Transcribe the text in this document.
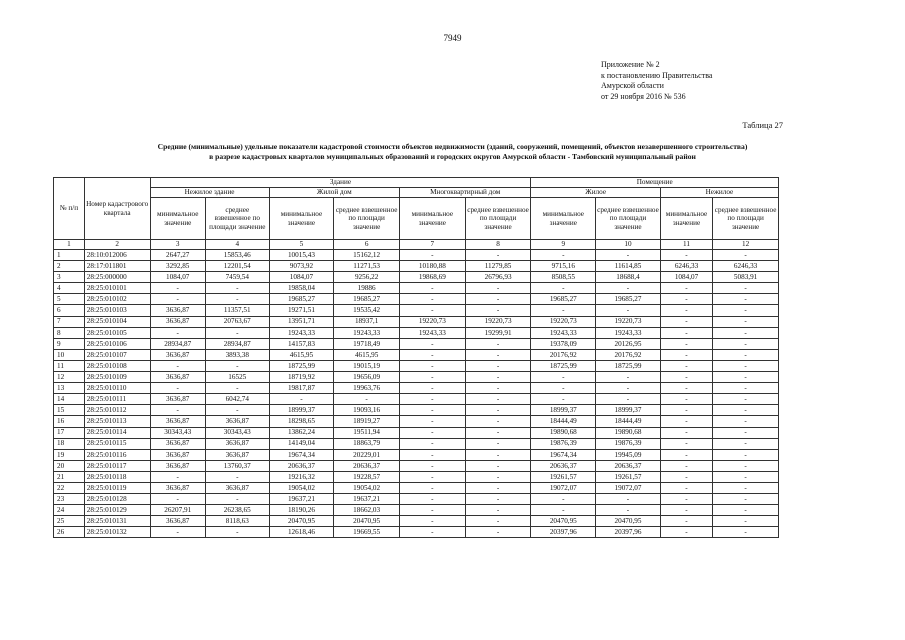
7949
Приложение № 2
к постановлению Правительства
Амурской области
от 29 ноября 2016 № 536
Таблица 27
Средние (минимальные) удельные показатели кадастровой стоимости объектов недвижимости (зданий, сооружений, помещений, объектов незавершенного строительства)
в разрезе кадастровых кварталов муниципальных образований и городских округов Амурской области - Тамбовский муниципальный район
№ п/п	Номер кадастрового квартала	Здание						Помещение			
		Нежилое здание		Жилой дом		Многоквартирный дом		Жилое		Нежилое	
		минимальное значение	среднее взвешенное по площади значение	минимальное значение	среднее взвешенное по площади значение	минимальное значение	среднее взвешенное по площади значение	минимальное значение	среднее взвешенное по площади значение	минимальное значение	среднее взвешенное по площади значение
1	2	3	4	5	6	7	8	9	10	11	12
1	28:10:012006	2647,27	15853,46	10015,43	15162,12	-	-	-	-	-	-
2	28:17:011801	3292,85	12201,54	9073,92	11271,53	10180,88	11279,85	9715,16	11614,85	6246,33	6246,33
3	28:25:000000	1084,07	7459,54	1084,07	9256,22	19868,69	26796,93	8508,55	18688,4	1084,07	5083,91
4	28:25:010101	-	-	19858,04	19886	-	-	-	-	-	-
5	28:25:010102	-	-	19685,27	19685,27	-	-	19685,27	19685,27	-	-
6	28:25:010103	3636,87	11357,51	19271,51	19535,42	-	-	-	-	-	-
7	28:25:010104	3636,87	20763,67	13951,71	18937,1	19220,73	19220,73	19220,73	19220,73	-	-
8	28:25:010105	-	-	19243,33	19243,33	19243,33	19299,91	19243,33	19243,33	-	-
9	28:25:010106	28934,87	28934,87	14157,83	19718,49	-	-	19378,09	20126,95	-	-
10	28:25:010107	3636,87	3893,38	4615,95	4615,95	-	-	20176,92	20176,92	-	-
11	28:25:010108	-	-	18725,99	19015,19	-	-	18725,99	18725,99	-	-
12	28:25:010109	3636,87	16525	18719,92	19656,09	-	-	-	-	-	-
13	28:25:010110	-	-	19817,87	19963,76	-	-	-	-	-	-
14	28:25:010111	3636,87	6042,74	-	-	-	-	-	-	-	-
15	28:25:010112	-	-	18999,37	19093,16	-	-	18999,37	18999,37	-	-
16	28:25:010113	3636,87	3636,87	18298,65	18919,27	-	-	18444,49	18444,49	-	-
17	28:25:010114	30343,43	30343,43	13862,24	19511,94	-	-	19890,68	19890,68	-	-
18	28:25:010115	3636,87	3636,87	14149,04	18863,79	-	-	19876,39	19876,39	-	-
19	28:25:010116	3636,87	3636,87	19674,34	20229,01	-	-	19674,34	19945,09	-	-
20	28:25:010117	3636,87	13760,37	20636,37	20636,37	-	-	20636,37	20636,37	-	-
21	28:25:010118	-	-	19216,32	19228,57	-	-	19261,57	19261,57	-	-
22	28:25:010119	3636,87	3636,87	19054,02	19054,02	-	-	19072,07	19072,07	-	-
23	28:25:010128	-	-	19637,21	19637,21	-	-	-	-	-	-
24	28:25:010129	26207,91	26238,65	18190,26	18662,03	-	-	-	-	-	-
25	28:25:010131	3636,87	8118,63	20470,95	20470,95	-	-	20470,95	20470,95	-	-
26	28:25:010132	-	-	12618,46	19669,55	-	-	20397,96	20397,96	-	-
